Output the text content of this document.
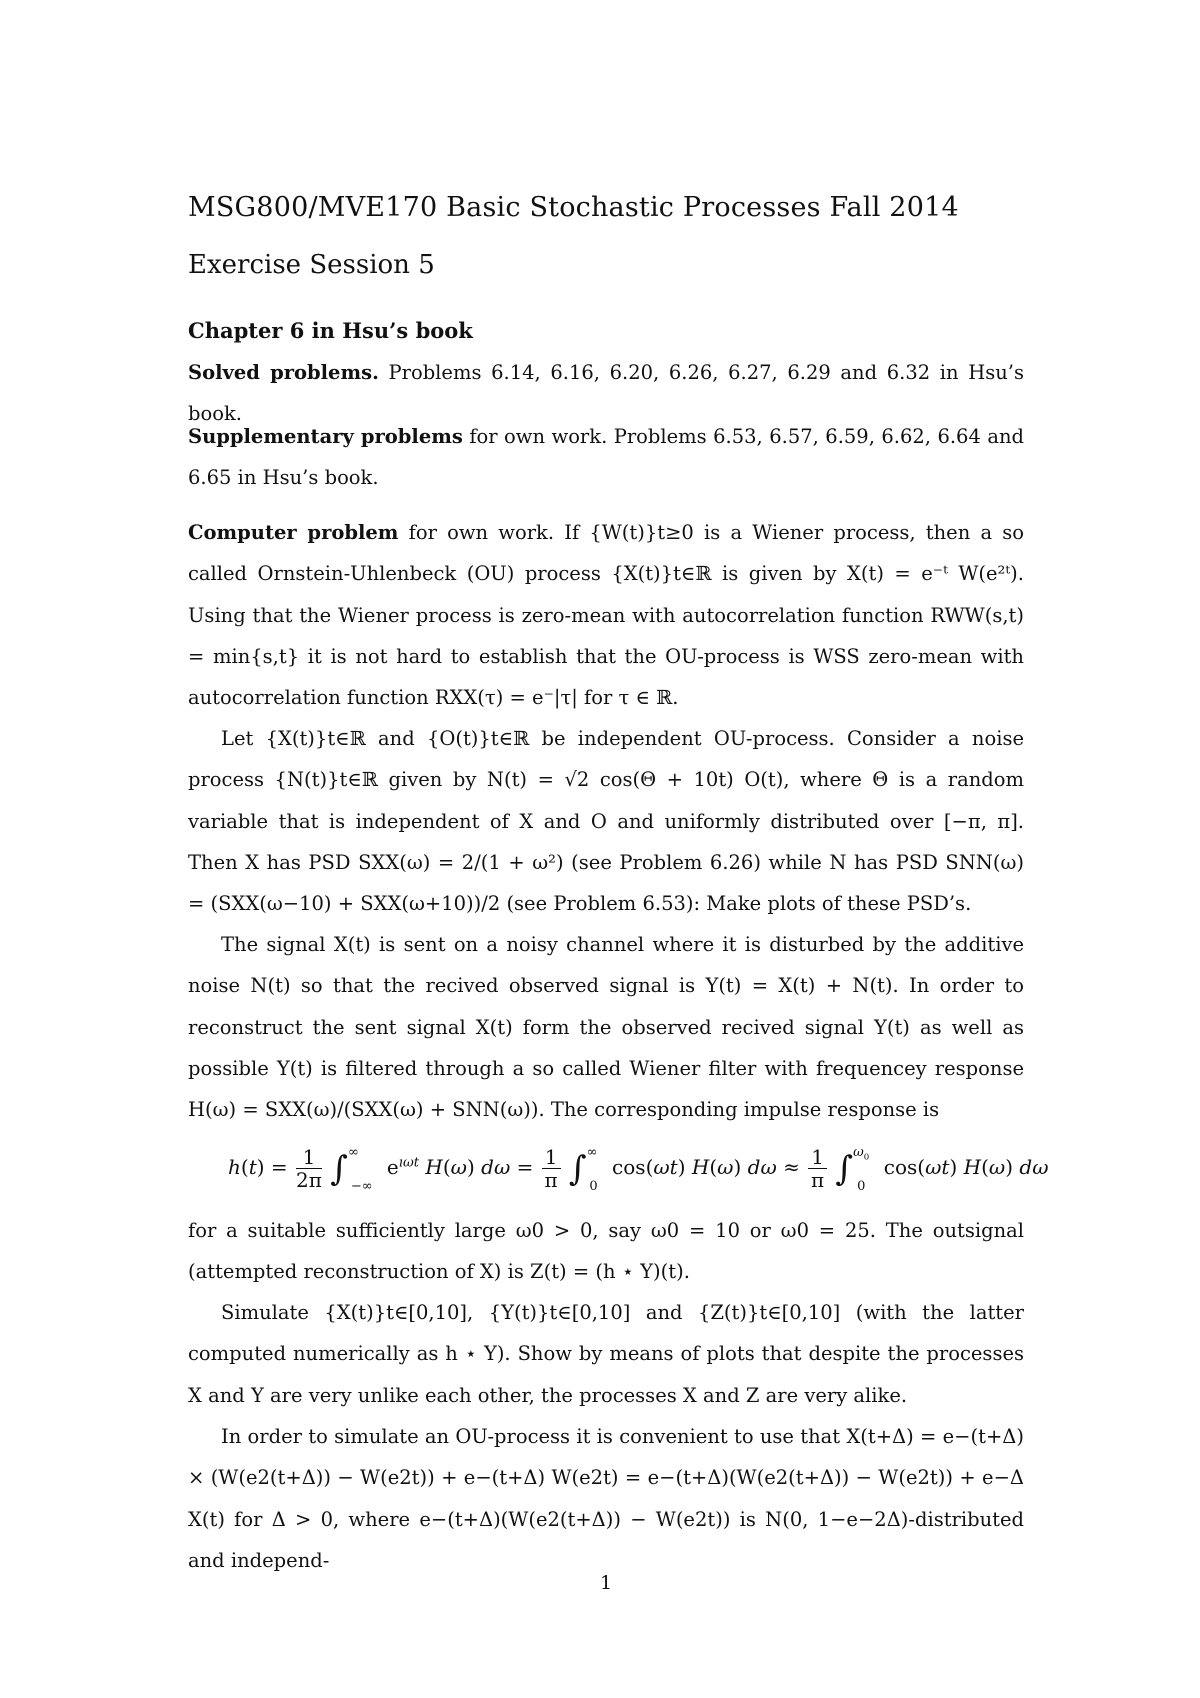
MSG800/MVE170 Basic Stochastic Processes Fall 2014
Exercise Session 5
Chapter 6 in Hsu’s book
Solved problems. Problems 6.14, 6.16, 6.20, 6.26, 6.27, 6.29 and 6.32 in Hsu’s book.
Supplementary problems for own work. Problems 6.53, 6.57, 6.59, 6.62, 6.64 and 6.65 in Hsu’s book.
Computer problem for own work. If {W(t)}t≥0 is a Wiener process, then a so called Ornstein-Uhlenbeck (OU) process {X(t)}t∈ℝ is given by X(t) = e⁻ᵗ W(e²ᵗ). Using that the Wiener process is zero-mean with autocorrelation function RWW(s,t) = min{s,t} it is not hard to establish that the OU-process is WSS zero-mean with autocorrelation function RXX(τ) = e⁻|τ| for τ ∈ ℝ.
Let {X(t)}t∈ℝ and {O(t)}t∈ℝ be independent OU-process. Consider a noise process {N(t)}t∈ℝ given by N(t) = √2 cos(Θ + 10t) O(t), where Θ is a random variable that is independent of X and O and uniformly distributed over [−π, π]. Then X has PSD SXX(ω) = 2/(1 + ω²) (see Problem 6.26) while N has PSD SNN(ω) = (SXX(ω−10) + SXX(ω+10))/2 (see Problem 6.53): Make plots of these PSD’s.
The signal X(t) is sent on a noisy channel where it is disturbed by the additive noise N(t) so that the recived observed signal is Y(t) = X(t) + N(t). In order to reconstruct the sent signal X(t) form the observed recived signal Y(t) as well as possible Y(t) is filtered through a so called Wiener filter with frequencey response H(ω) = SXX(ω)/(SXX(ω) + SNN(ω)). The corresponding impulse response is
$h(t) = \frac{1}{2\pi} \int^\infty_{-\infty}$ $e^{ı\omega t}$ H(ω) $d\omega = \frac{1}{\pi} \int^\infty_0$ cos(ωt) H(ω) $d\omega \approx \frac{1}{\pi} \int^{\omega_0}_0$ cos(ωt) H(ω) dω
for a suitable sufficiently large ω0 > 0, say ω0 = 10 or ω0 = 25. The outsignal (attempted reconstruction of X) is Z(t) = (h ⋆ Y)(t).
Simulate {X(t)}t∈[0,10], {Y(t)}t∈[0,10] and {Z(t)}t∈[0,10] (with the latter computed numerically as h ⋆ Y). Show by means of plots that despite the processes X and Y are very unlike each other, the processes X and Z are very alike.
In order to simulate an OU-process it is convenient to use that X(t+Δ) = e−(t+Δ) × (W(e2(t+Δ)) − W(e2t)) + e−(t+Δ) W(e2t) = e−(t+Δ)(W(e2(t+Δ)) − W(e2t)) + e−Δ X(t) for Δ > 0, where e−(t+Δ)(W(e2(t+Δ)) − W(e2t)) is N(0, 1−e−2Δ)-distributed and independ-
1
